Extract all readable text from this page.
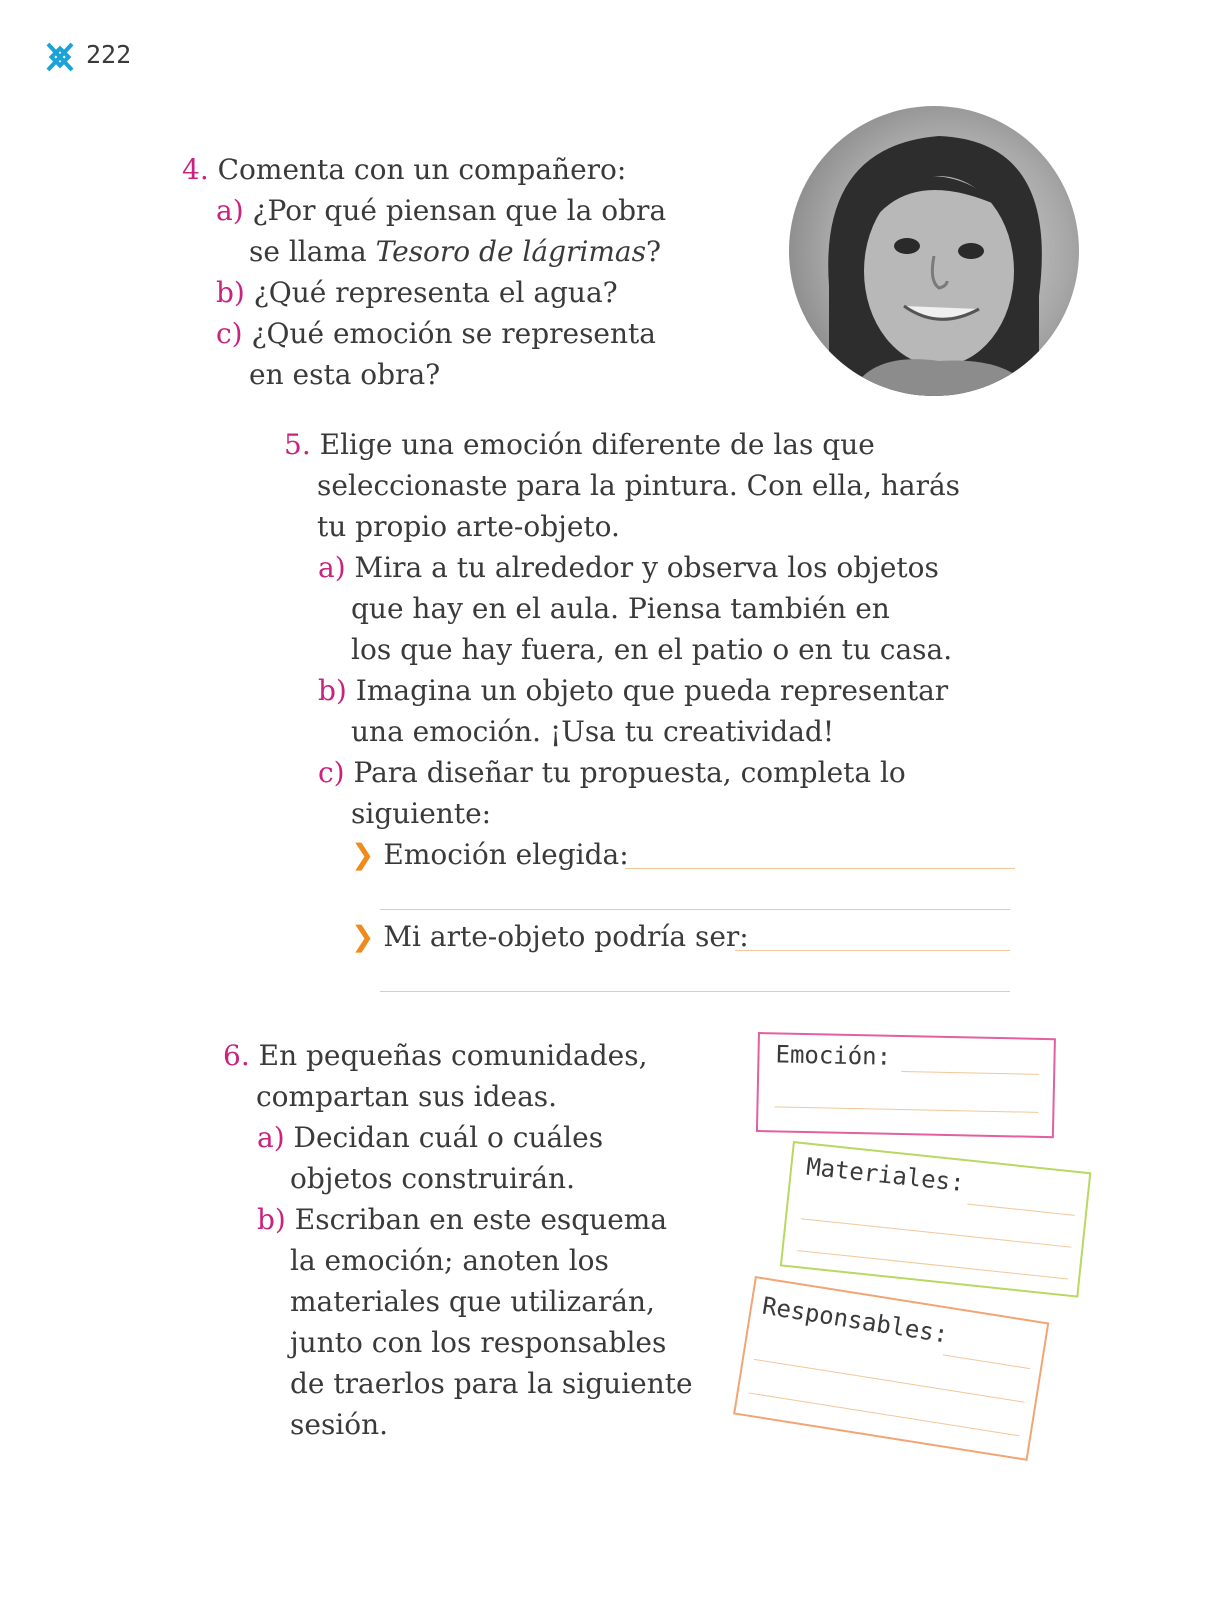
222
4. Comenta con un compañero:
a) ¿Por qué piensan que la obra
se llama Tesoro de lágrimas?
b) ¿Qué representa el agua?
c) ¿Qué emoción se representa
en esta obra?
5. Elige una emoción diferente de las que
seleccionaste para la pintura. Con ella, harás
tu propio arte-objeto.
a) Mira a tu alrededor y observa los objetos
que hay en el aula. Piensa también en
los que hay fuera, en el patio o en tu casa.
b) Imagina un objeto que pueda representar
una emoción. ¡Usa tu creatividad!
c) Para diseñar tu propuesta, completa lo
siguiente:
❯ Emoción elegida:
❯ Mi arte-objeto podría ser:
6. En pequeñas comunidades,
compartan sus ideas.
a) Decidan cuál o cuáles
objetos construirán.
b) Escriban en este esquema
la emoción; anoten los
materiales que utilizarán,
junto con los responsables
de traerlos para la siguiente
sesión.
Emoción:
Materiales:
Responsables:
